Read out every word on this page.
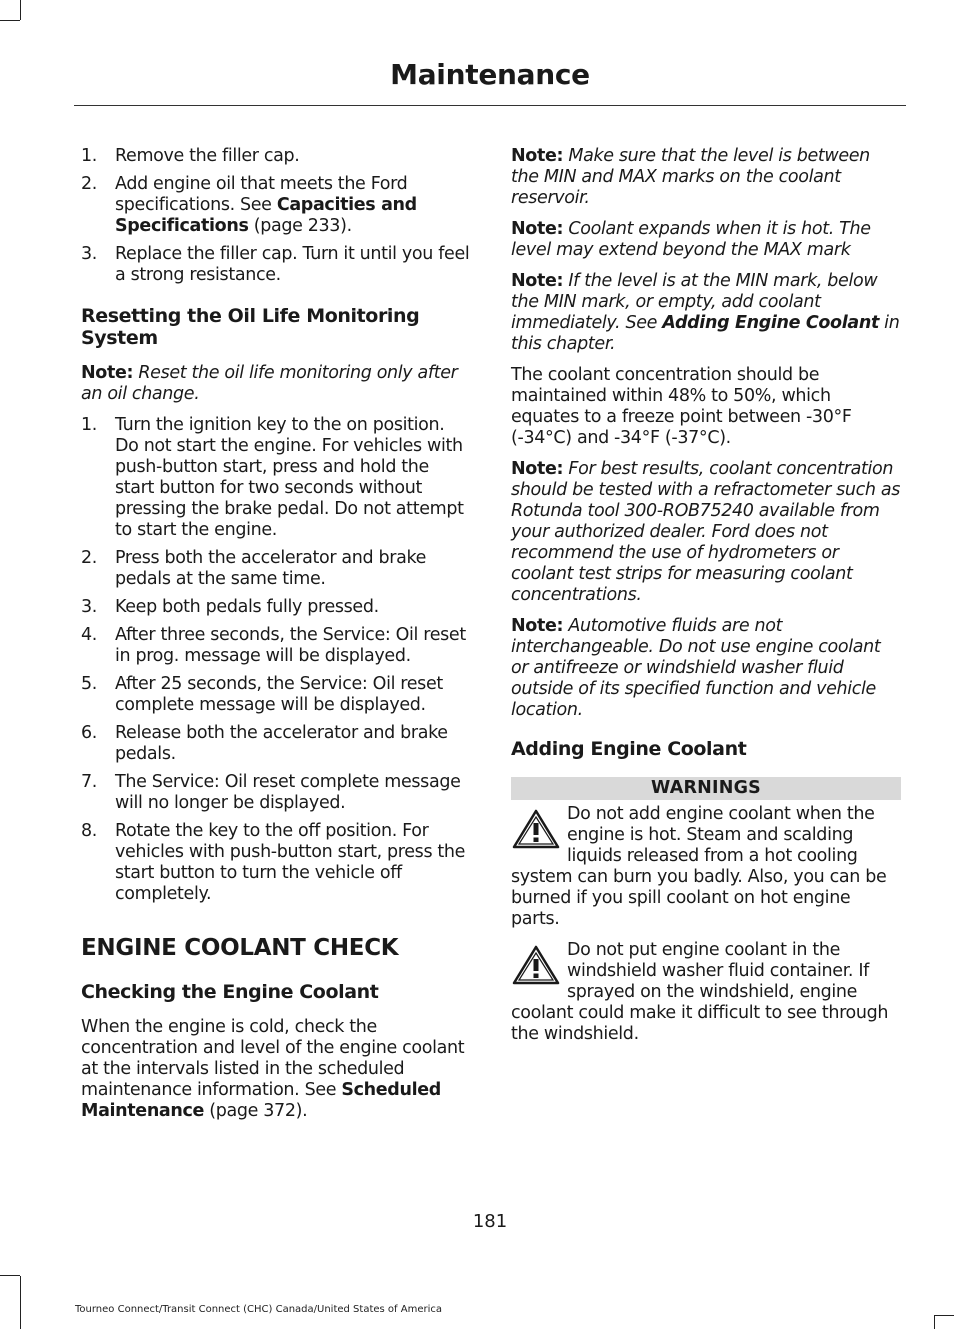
Maintenance
1. Remove the filler cap.
2. Add engine oil that meets the Ford specifications. See Capacities and Specifications (page 233).
3. Replace the filler cap. Turn it until you feel a strong resistance.
Resetting the Oil Life Monitoring System

Note: Reset the oil life monitoring only after an oil change.

1. Turn the ignition key to the on position. Do not start the engine. For vehicles with push-button start, press and hold the start button for two seconds without pressing the brake pedal. Do not attempt to start the engine.
2. Press both the accelerator and brake pedals at the same time.
3. Keep both pedals fully pressed.
4. After three seconds, the Service: Oil reset in prog. message will be displayed.
5. After 25 seconds, the Service: Oil reset complete message will be displayed.
6. Release both the accelerator and brake pedals.
7. The Service: Oil reset complete message will no longer be displayed.
8. Rotate the key to the off position. For vehicles with push-button start, press the start button to turn the vehicle off completely.
ENGINE COOLANT CHECK
Checking the Engine Coolant

When the engine is cold, check the concentration and level of the engine coolant at the intervals listed in the scheduled maintenance information. See Scheduled Maintenance (page 372).

Note: Make sure that the level is between the MIN and MAX marks on the coolant reservoir.

Note: Coolant expands when it is hot. The level may extend beyond the MAX mark

Note: If the level is at the MIN mark, below the MIN mark, or empty, add coolant immediately. See Adding Engine Coolant in this chapter.

The coolant concentration should be maintained within 48% to 50%, which equates to a freeze point between -30°F (-34°C) and -34°F (-37°C).

Note: For best results, coolant concentration should be tested with a refractometer such as Rotunda tool 300-ROB75240 available from your authorized dealer. Ford does not recommend the use of hydrometers or coolant test strips for measuring coolant concentrations.

Note: Automotive fluids are not interchangeable. Do not use engine coolant or antifreeze or windshield washer fluid outside of its specified function and vehicle location.

Adding Engine Coolant
WARNINGS
Do not add engine coolant when the engine is hot. Steam and scalding liquids released from a hot cooling system can burn you badly. Also, you can be burned if you spill coolant on hot engine parts.
Do not put engine coolant in the windshield washer fluid container. If sprayed on the windshield, engine coolant could make it difficult to see through the windshield.
181
Tourneo Connect/Transit Connect (CHC) Canada/United States of America
